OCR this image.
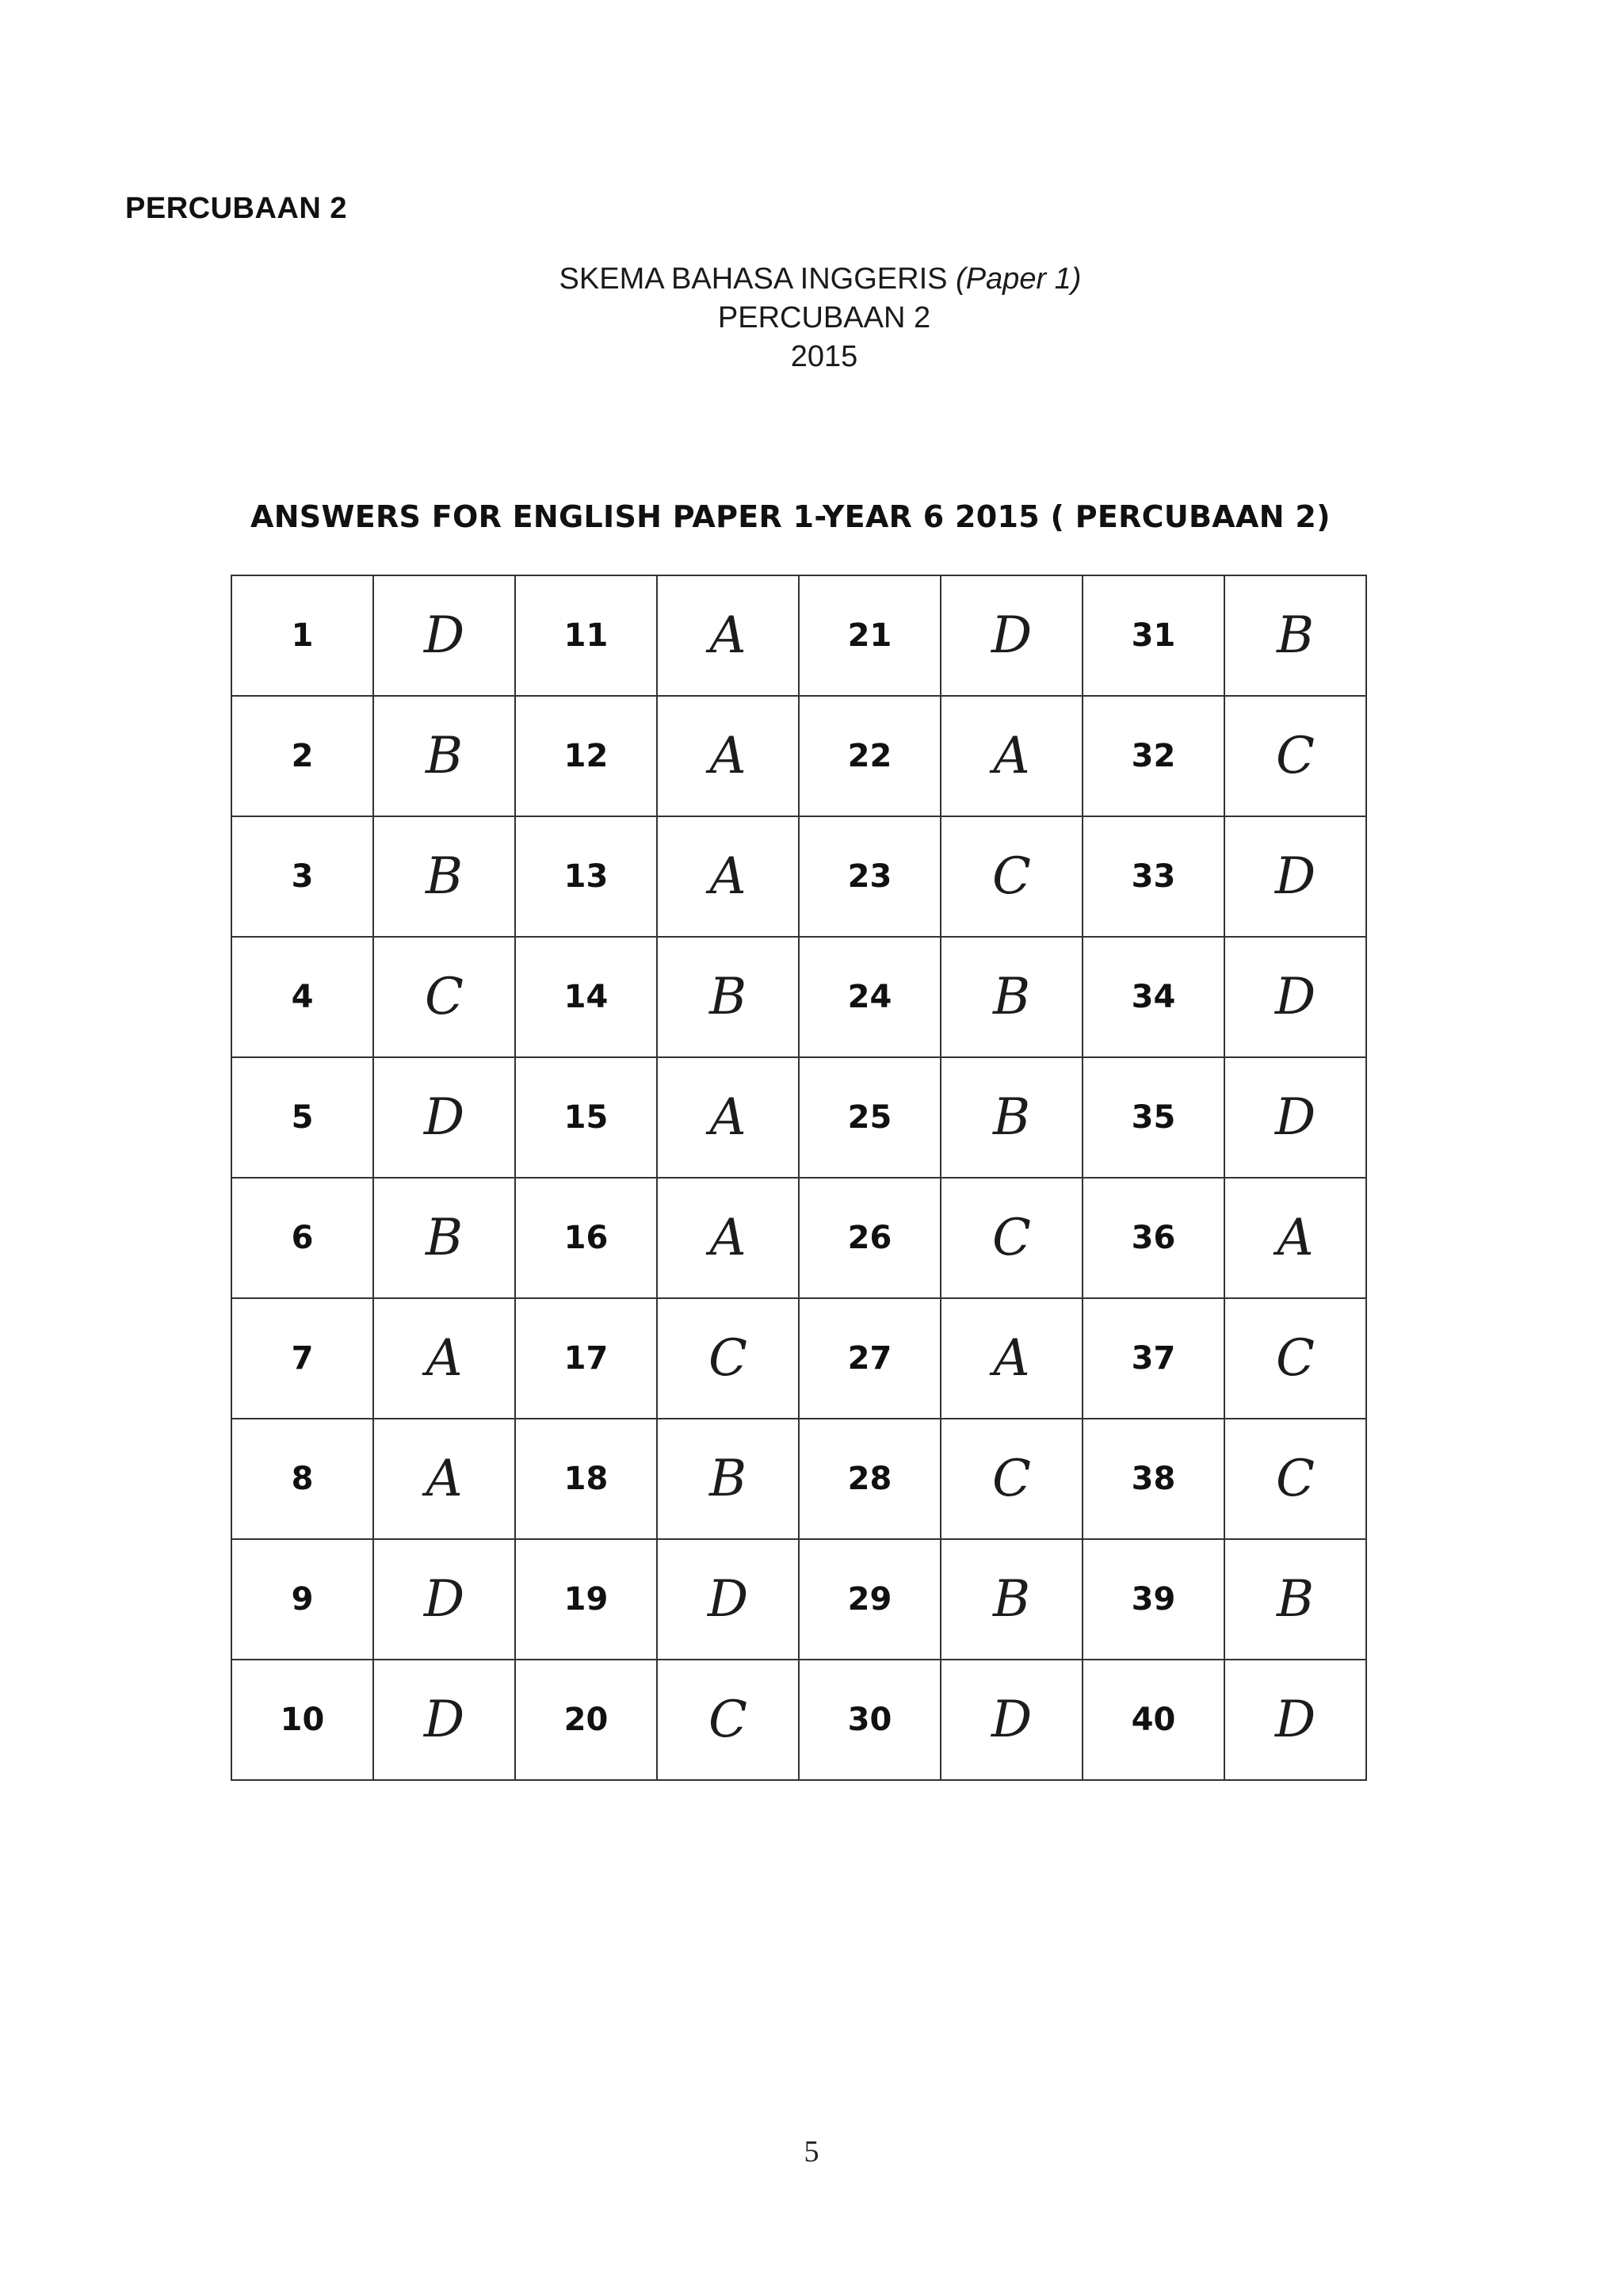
PERCUBAAN 2
SKEMA BAHASA INGGERIS (Paper 1)
PERCUBAAN 2
2015
ANSWERS FOR ENGLISH PAPER 1-YEAR 6 2015 ( PERCUBAAN 2)
1	D	11	A	21	D	31	B
2	B	12	A	22	A	32	C
3	B	13	A	23	C	33	D
4	C	14	B	24	B	34	D
5	D	15	A	25	B	35	D
6	B	16	A	26	C	36	A
7	A	17	C	27	A	37	C
8	A	18	B	28	C	38	C
9	D	19	D	29	B	39	B
10	D	20	C	30	D	40	D
5
